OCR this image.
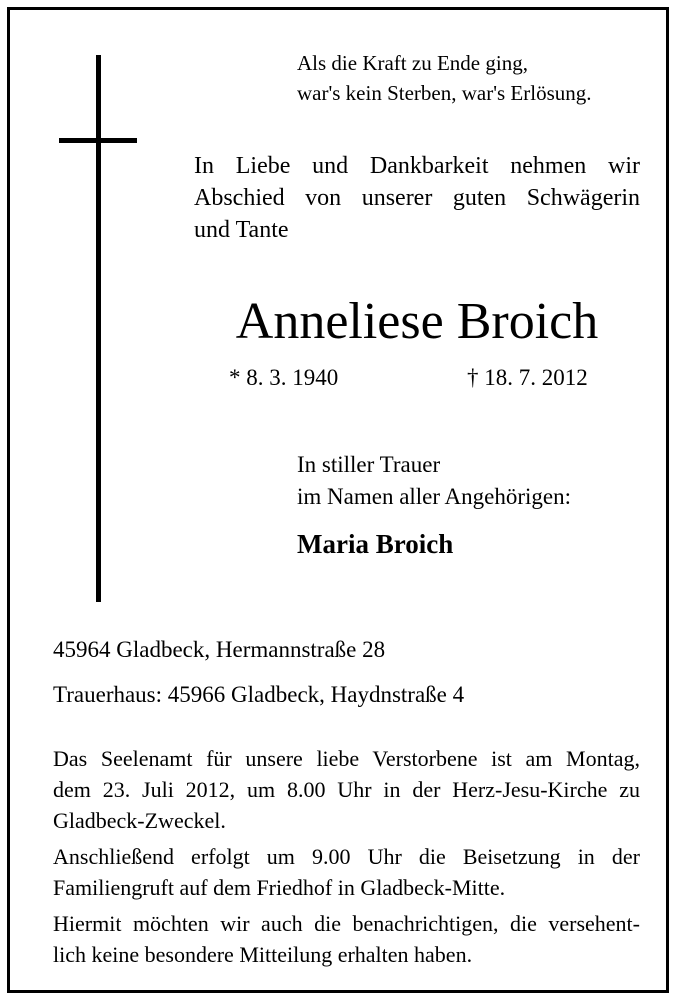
Als die Kraft zu Ende ging,
war's kein Sterben, war's Erlösung.

In Liebe und Dankbarkeit nehmen wir
Abschied von unserer guten Schwägerin
und Tante

Anneliese Broich
* 8. 3. 1940	† 18. 7. 2012

In stiller Trauer
im Namen aller Angehörigen:

Maria Broich
45964 Gladbeck, Hermannstraße 28
Trauerhaus: 45966 Gladbeck, Haydnstraße 4

Das Seelenamt für unsere liebe Verstorbene ist am Montag,
dem 23. Juli 2012, um 8.00 Uhr in der Herz-Jesu-Kirche zu
Gladbeck-Zweckel.

Anschließend erfolgt um 9.00 Uhr die Beisetzung in der
Familiengruft auf dem Friedhof in Gladbeck-Mitte.

Hiermit möchten wir auch die benachrichtigen, die versehent-
lich keine besondere Mitteilung erhalten haben.
